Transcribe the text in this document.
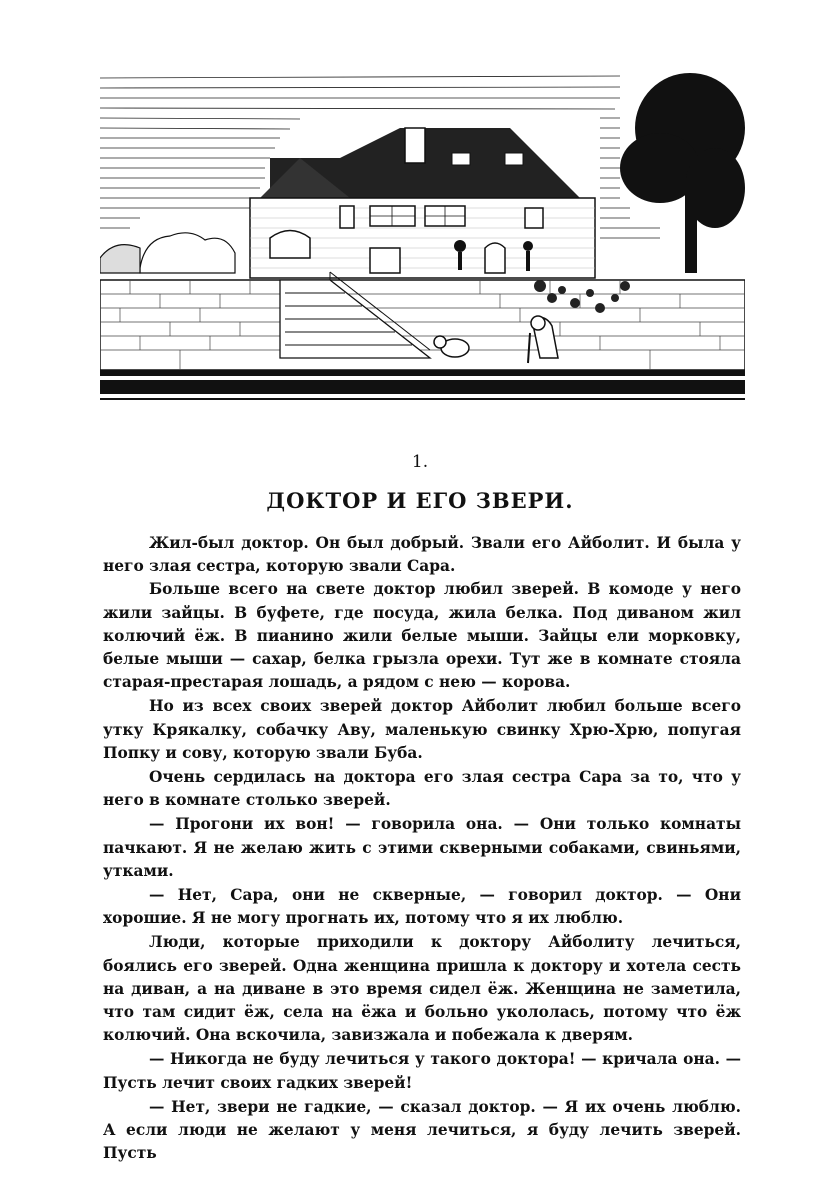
1.
ДОКТОР И ЕГО ЗВЕРИ.

Жил-был доктор. Он был добрый. Звали его Айболит. И была у него злая сестра, которую звали Сара.

Больше всего на свете доктор любил зверей. В комоде у него жили зайцы. В буфете, где посуда, жила белка. Под диваном жил колючий ёж. В пианино жили белые мыши. Зайцы ели морковку, белые мыши — сахар, белка грызла орехи. Тут же в комнате стояла старая-престарая лошадь, а рядом с нею — корова.

Но из всех своих зверей доктор Айболит любил больше всего утку Крякалку, собачку Аву, маленькую свинку Хрю-Хрю, попугая Попку и сову, которую звали Буба.

Очень сердилась на доктора его злая сестра Сара за то, что у него в комнате столько зверей.

— Прогони их вон! — говорила она. — Они только комнаты пачкают. Я не желаю жить с этими скверными собаками, свиньями, утками.

— Нет, Сара, они не скверные, — говорил доктор. — Они хорошие. Я не могу прогнать их, потому что я их люблю.

Люди, которые приходили к доктору Айболиту лечиться, боялись его зверей. Одна женщина пришла к доктору и хотела сесть на диван, а на диване в это время сидел ёж. Женщина не заметила, что там сидит ёж, села на ёжа и больно укололась, потому что ёж колючий. Она вскочила, завизжала и побежала к дверям.

— Никогда не буду лечиться у такого доктора! — кричала она. — Пусть лечит своих гадких зверей!

— Нет, звери не гадкие, — сказал доктор. — Я их очень люблю. А если люди не желают у меня лечиться, я буду лечить зверей. Пусть
